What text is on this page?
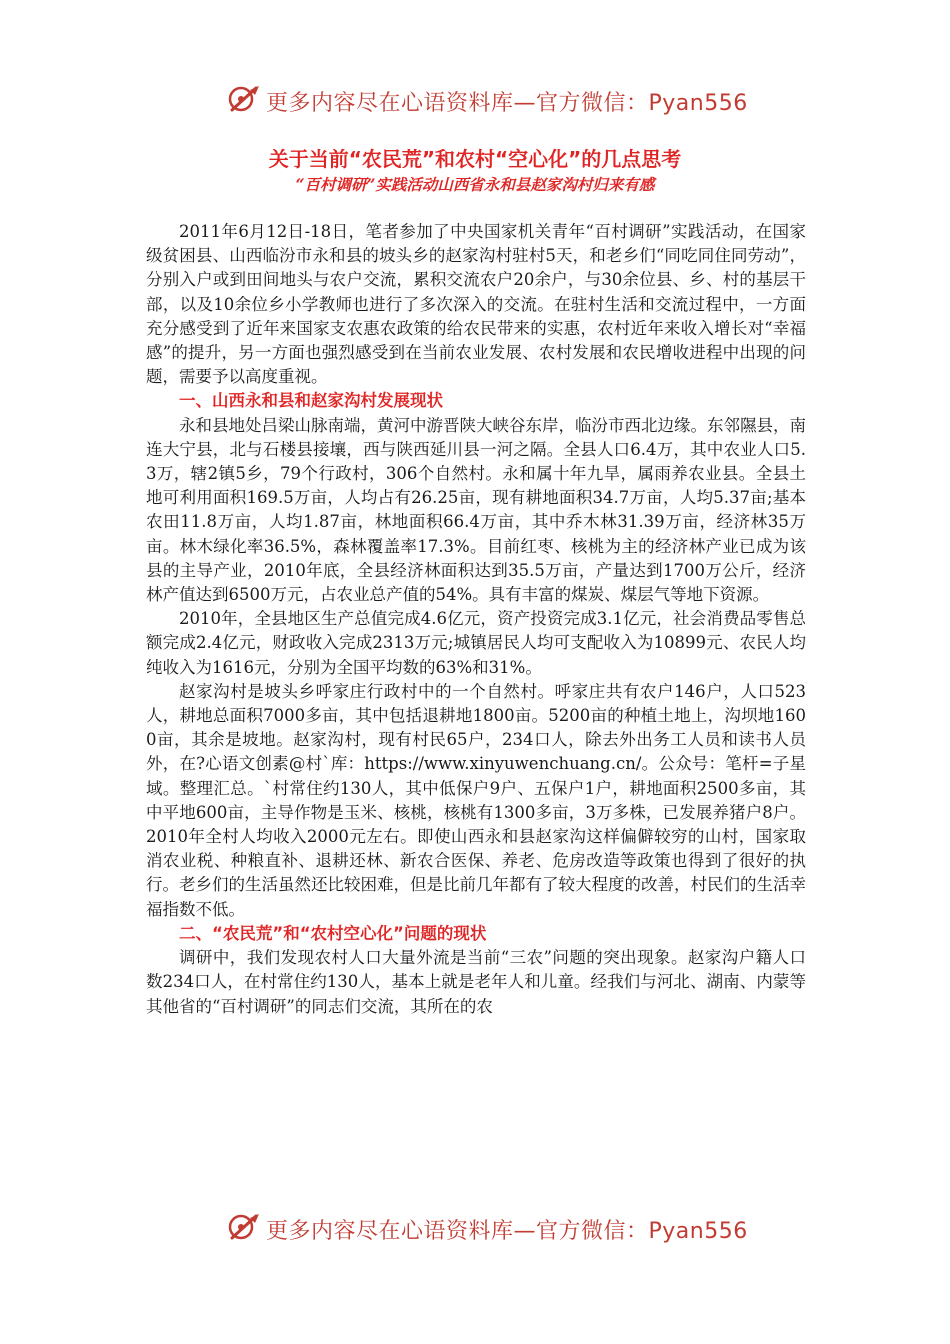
更多内容尽在心语资料库—官方微信：Pyan556
关于当前“农民荒”和农村“空心化”的几点思考
“百村调研”实践活动山西省永和县赵家沟村归来有感

2011年6月12日-18日，笔者参加了中央国家机关青年“百村调研”实践活动，在国家级贫困县、山西临汾市永和县的坡头乡的赵家沟村驻村5天，和老乡们“同吃同住同劳动”，分别入户或到田间地头与农户交流，累积交流农户20余户，与30余位县、乡、村的基层干部，以及10余位乡小学教师也进行了多次深入的交流。在驻村生活和交流过程中，一方面充分感受到了近年来国家支农惠农政策的给农民带来的实惠，农村近年来收入增长对“幸福感”的提升，另一方面也强烈感受到在当前农业发展、农村发展和农民增收进程中出现的问题，需要予以高度重视。

一、山西永和县和赵家沟村发展现状

永和县地处吕梁山脉南端，黄河中游晋陕大峡谷东岸，临汾市西北边缘。东邻隰县，南连大宁县，北与石楼县接壤，西与陕西延川县一河之隔。全县人口6.4万，其中农业人口5.3万，辖2镇5乡，79个行政村，306个自然村。永和属十年九旱，属雨养农业县。全县土地可利用面积169.5万亩，人均占有26.25亩，现有耕地面积34.7万亩，人均5.37亩;基本农田11.8万亩，人均1.87亩，林地面积66.4万亩，其中乔木林31.39万亩，经济林35万亩。林木绿化率36.5%，森林覆盖率17.3%。目前红枣、核桃为主的经济林产业已成为该县的主导产业，2010年底，全县经济林面积达到35.5万亩，产量达到1700万公斤，经济林产值达到6500万元，占农业总产值的54%。具有丰富的煤炭、煤层气等地下资源。

2010年，全县地区生产总值完成4.6亿元，资产投资完成3.1亿元，社会消费品零售总额完成2.4亿元，财政收入完成2313万元;城镇居民人均可支配收入为10899元、农民人均纯收入为1616元，分别为全国平均数的63%和31%。

赵家沟村是坡头乡呼家庄行政村中的一个自然村。呼家庄共有农户146户，人口523人，耕地总面积7000多亩，其中包括退耕地1800亩。5200亩的种植土地上，沟坝地1600亩，其余是坡地。赵家沟村，现有村民65户，234口人，除去外出务工人员和读书人员外，在?心语文创素@村`库：https://www.xinyuwenchuang.cn/。公众号：笔杆=子星域。整理汇总。`村常住约130人，其中低保户9户、五保户1户，耕地面积2500多亩，其中平地600亩，主导作物是玉米、核桃，核桃有1300多亩，3万多株，已发展养猪户8户。2010年全村人均收入2000元左右。即使山西永和县赵家沟这样偏僻较穷的山村，国家取消农业税、种粮直补、退耕还林、新农合医保、养老、危房改造等政策也得到了很好的执行。老乡们的生活虽然还比较困难，但是比前几年都有了较大程度的改善，村民们的生活幸福指数不低。

二、“农民荒”和“农村空心化”问题的现状

调研中，我们发现农村人口大量外流是当前“三农”问题的突出现象。赵家沟户籍人口数234口人，在村常住约130人，基本上就是老年人和儿童。经我们与河北、湖南、内蒙等其他省的“百村调研”的同志们交流，其所在的农

更多内容尽在心语资料库—官方微信：Pyan556
